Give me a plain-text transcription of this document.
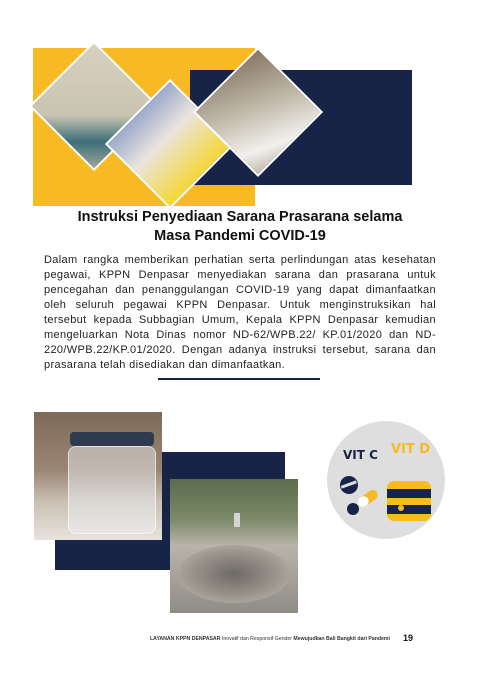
Instruksi Penyediaan Sarana Prasarana selama
Masa Pandemi COVID-19

Dalam rangka memberikan perhatian serta perlindungan atas kesehatan pegawai, KPPN Denpasar menyediakan sarana dan prasarana untuk pencegahan dan penanggulangan COVID-19 yang dapat dimanfaatkan oleh seluruh pegawai KPPN Denpasar. Untuk menginstruksikan hal tersebut kepada Subbagian Umum, Kepala KPPN Denpasar kemudian mengeluarkan Nota Dinas nomor ND-62/WPB.22/ KP.01/2020 dan ND-220/WPB.22/KP.01/2020. Dengan adanya instruksi tersebut, sarana dan prasarana telah disediakan dan dimanfaatkan.

VIT C VIT D
LAYANAN KPPN DENPASAR Inovatif dan Responsif Gender Mewujudkan Bali Bangkit dari Pandemi	19
